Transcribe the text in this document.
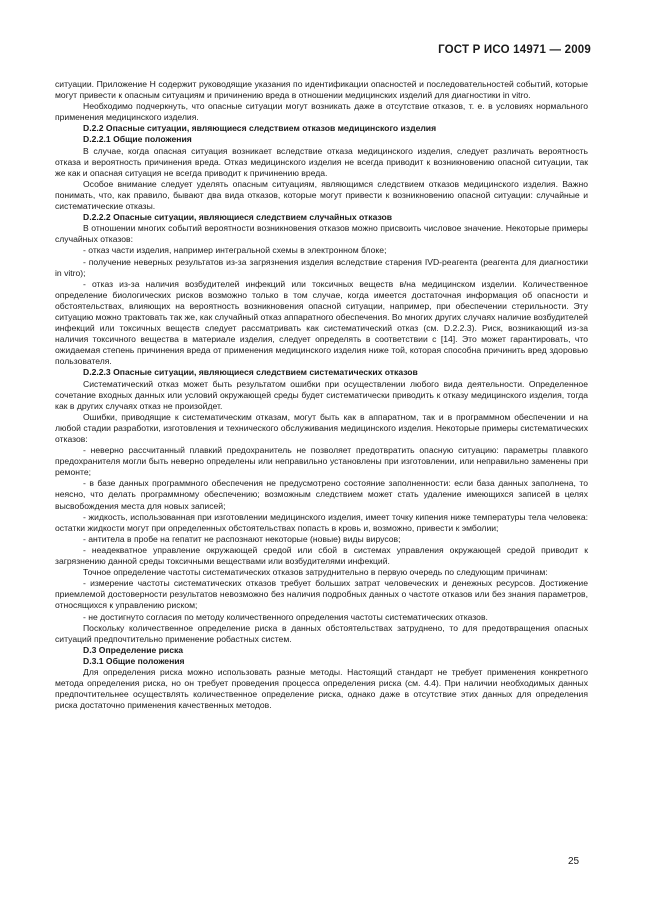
ГОСТ Р ИСО 14971 — 2009

ситуации. Приложение H содержит руководящие указания по идентификации опасностей и последовательностей событий, которые могут привести к опасным ситуациям и причинению вреда в отношении медицинских изделий для диагностики in vitro.

Необходимо подчеркнуть, что опасные ситуации могут возникать даже в отсутствие отказов, т. е. в условиях нормального применения медицинского изделия.

D.2.2 Опасные ситуации, являющиеся следствием отказов медицинского изделия

D.2.2.1 Общие положения

В случае, когда опасная ситуация возникает вследствие отказа медицинского изделия, следует различать вероятность отказа и вероятность причинения вреда. Отказ медицинского изделия не всегда приводит к возникновению опасной ситуации, так же как и опасная ситуация не всегда приводит к причинению вреда.

Особое внимание следует уделять опасным ситуациям, являющимся следствием отказов медицинского изделия. Важно понимать, что, как правило, бывают два вида отказов, которые могут привести к возникновению опасной ситуации: случайные и систематические отказы.

D.2.2.2 Опасные ситуации, являющиеся следствием случайных отказов

В отношении многих событий вероятности возникновения отказов можно присвоить числовое значение. Некоторые примеры случайных отказов:

- отказ части изделия, например интегральной схемы в электронном блоке;

- получение неверных результатов из-за загрязнения изделия вследствие старения IVD-реагента (реагента для диагностики in vitro);

- отказ из-за наличия возбудителей инфекций или токсичных веществ в/на медицинском изделии. Количественное определение биологических рисков возможно только в том случае, когда имеется достаточная информация об опасности и обстоятельствах, влияющих на вероятность возникновения опасной ситуации, например, при обеспечении стерильности. Эту ситуацию можно трактовать так же, как случайный отказ аппаратного обеспечения. Во многих других случаях наличие возбудителей инфекций или токсичных веществ следует рассматривать как систематический отказ (см. D.2.2.3). Риск, возникающий из-за наличия токсичного вещества в материале изделия, следует определять в соответствии с [14]. Это может гарантировать, что ожидаемая степень причинения вреда от применения медицинского изделия ниже той, которая способна причинить вред здоровью пользователя.

D.2.2.3 Опасные ситуации, являющиеся следствием систематических отказов

Систематический отказ может быть результатом ошибки при осуществлении любого вида деятельности. Определенное сочетание входных данных или условий окружающей среды будет систематически приводить к отказу медицинского изделия, тогда как в других случаях отказ не произойдет.

Ошибки, приводящие к систематическим отказам, могут быть как в аппаратном, так и в программном обеспечении и на любой стадии разработки, изготовления и технического обслуживания медицинского изделия. Некоторые примеры систематических отказов:

- неверно рассчитанный плавкий предохранитель не позволяет предотвратить опасную ситуацию: параметры плавкого предохранителя могли быть неверно определены или неправильно установлены при изготовлении, или неправильно заменены при ремонте;

- в базе данных программного обеспечения не предусмотрено состояние заполненности: если база данных заполнена, то неясно, что делать программному обеспечению; возможным следствием может стать удаление имеющихся записей в целях высвобождения места для новых записей;

- жидкость, использованная при изготовлении медицинского изделия, имеет точку кипения ниже температуры тела человека: остатки жидкости могут при определенных обстоятельствах попасть в кровь и, возможно, привести к эмболии;

- антитела в пробе на гепатит не распознают некоторые (новые) виды вирусов;

- неадекватное управление окружающей средой или сбой в системах управления окружающей средой приводит к загрязнению данной среды токсичными веществами или возбудителями инфекций.

Точное определение частоты систематических отказов затруднительно в первую очередь по следующим причинам:

- измерение частоты систематических отказов требует больших затрат человеческих и денежных ресурсов. Достижение приемлемой достоверности результатов невозможно без наличия подробных данных о частоте отказов или без знания параметров, относящихся к управлению риском;

- не достигнуто согласия по методу количественного определения частоты систематических отказов.

Поскольку количественное определение риска в данных обстоятельствах затруднено, то для предотвращения опасных ситуаций предпочтительно применение робастных систем.

D.3 Определение риска

D.3.1 Общие положения

Для определения риска можно использовать разные методы. Настоящий стандарт не требует применения конкретного метода определения риска, но он требует проведения процесса определения риска (см. 4.4). При наличии необходимых данных предпочтительнее осуществлять количественное определение риска, однако даже в отсутствие этих данных для определения риска достаточно применения качественных методов.

25
